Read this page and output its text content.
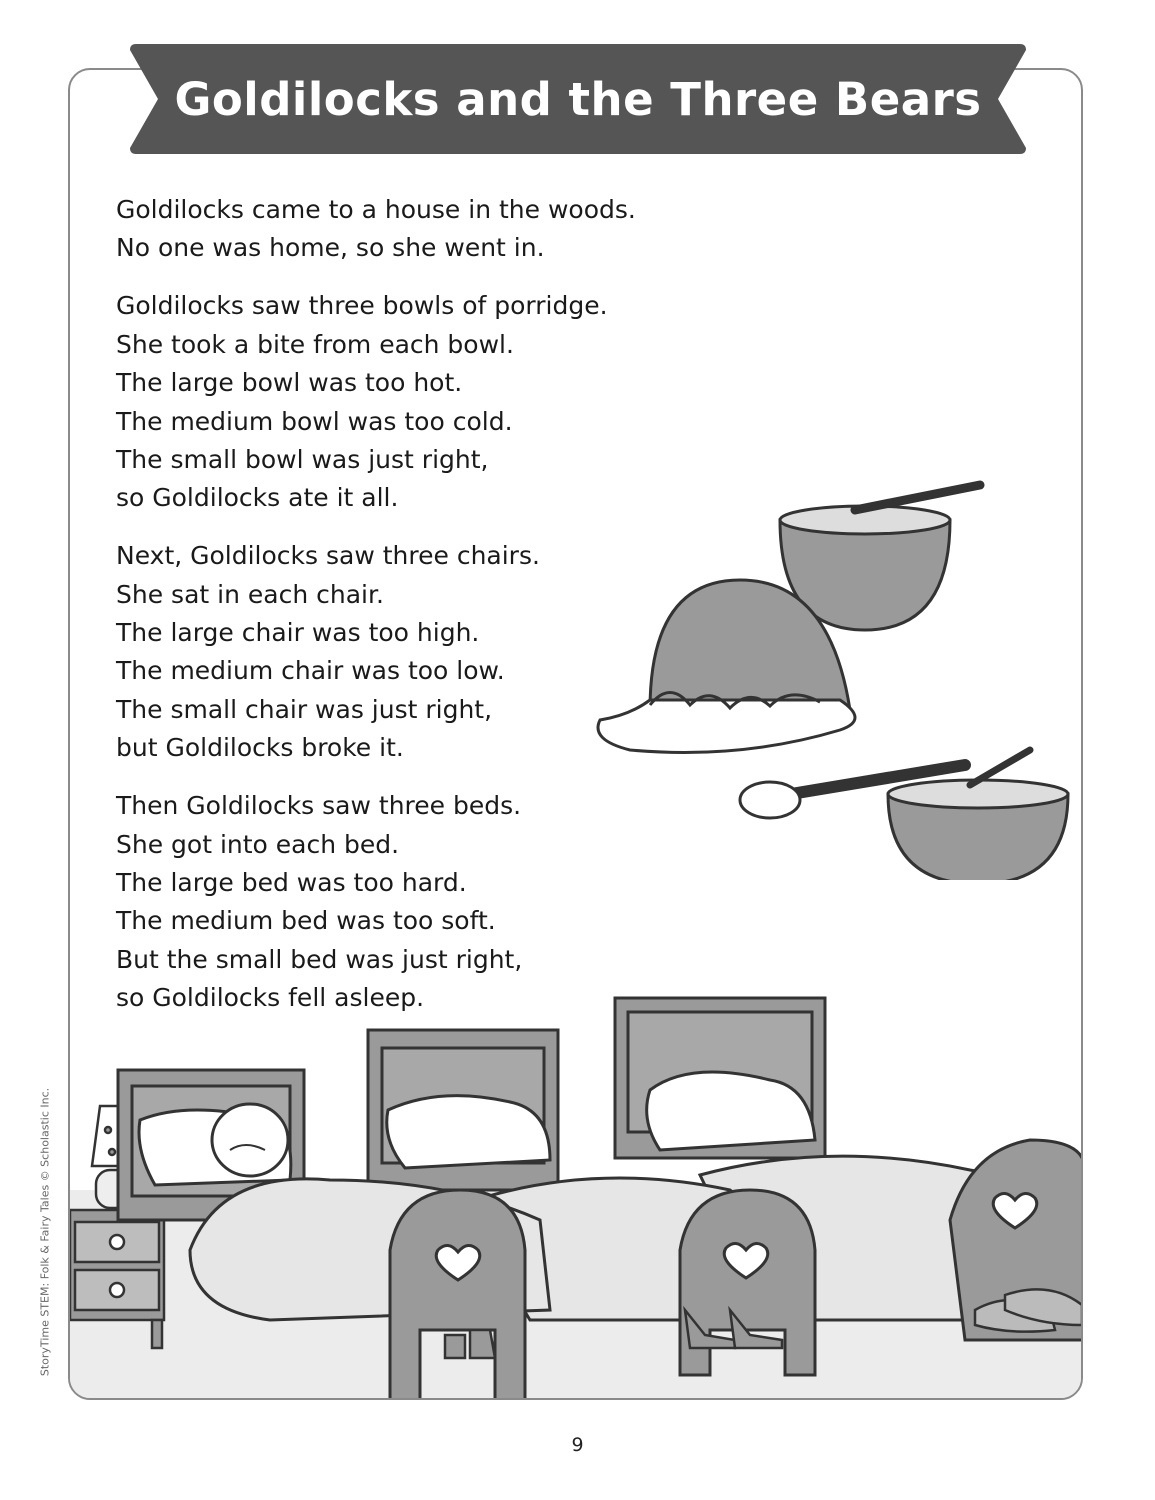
Goldilocks and the Three Bears
Goldilocks came to a house in the woods.
No one was home, so she went in.
Goldilocks saw three bowls of porridge.
She took a bite from each bowl.
The large bowl was too hot.
The medium bowl was too cold.
The small bowl was just right,
so Goldilocks ate it all.
Next, Goldilocks saw three chairs.
She sat in each chair.
The large chair was too high.
The medium chair was too low.
The small chair was just right,
but Goldilocks broke it.
Then Goldilocks saw three beds.
She got into each bed.
The large bed was too hard.
The medium bed was too soft.
But the small bed was just right,
so Goldilocks fell asleep.
StoryTime STEM: Folk & Fairy Tales © Scholastic Inc.
9
